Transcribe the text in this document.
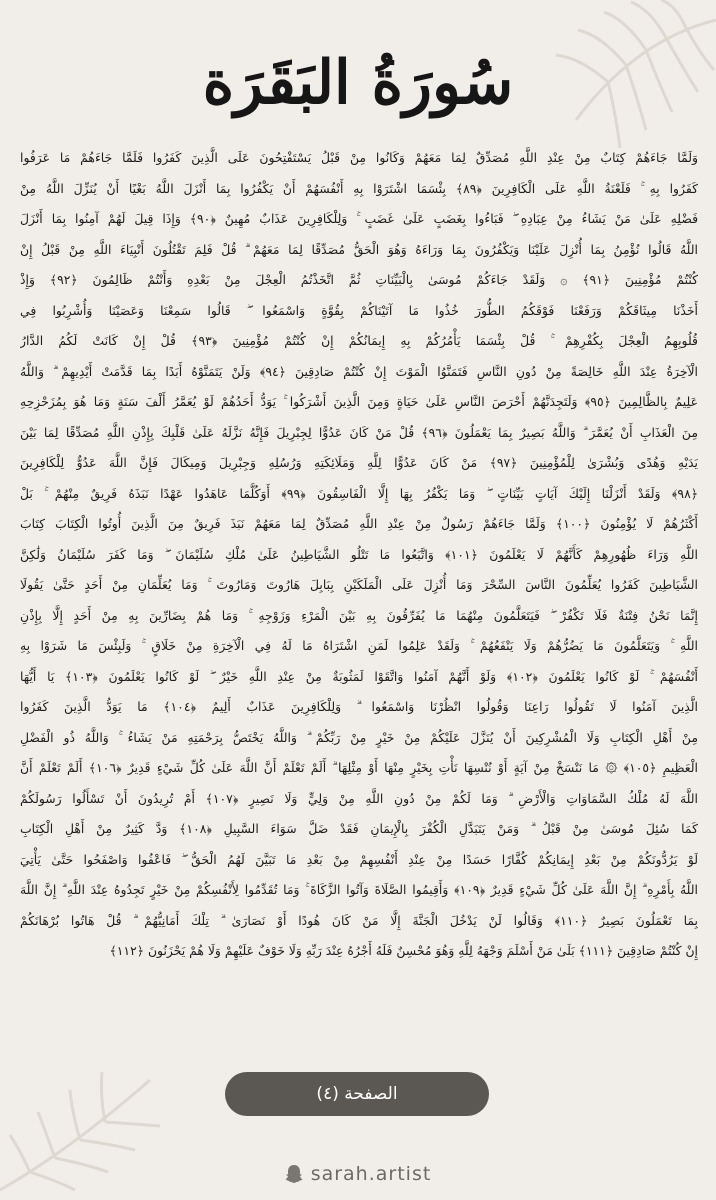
سُورَةُ البَقَرَة
وَلَمَّا جَاءَهُمْ كِتَابٌ مِنْ عِنْدِ اللَّهِ مُصَدِّقٌ لِمَا مَعَهُمْ وَكَانُوا مِنْ قَبْلُ يَسْتَفْتِحُونَ عَلَى الَّذِينَ كَفَرُوا فَلَمَّا جَاءَهُمْ مَا عَرَفُوا
كَفَرُوا بِهِ ۚ فَلَعْنَةُ اللَّهِ عَلَى الْكَافِرِينَ ﴿٨٩﴾ بِئْسَمَا اشْتَرَوْا بِهِ أَنْفُسَهُمْ أَنْ يَكْفُرُوا بِمَا أَنْزَلَ اللَّهُ بَغْيًا أَنْ يُنَزِّلَ اللَّهُ مِنْ
فَضْلِهِ عَلَىٰ مَنْ يَشَاءُ مِنْ عِبَادِهِ ۖ فَبَاءُوا بِغَضَبٍ عَلَىٰ غَضَبٍ ۚ وَلِلْكَافِرِينَ عَذَابٌ مُهِينٌ ﴿٩٠﴾ وَإِذَا قِيلَ لَهُمْ آمِنُوا بِمَا أَنْزَلَ
اللَّهُ قَالُوا نُؤْمِنُ بِمَا أُنْزِلَ عَلَيْنَا وَيَكْفُرُونَ بِمَا وَرَاءَهُ وَهُوَ الْحَقُّ مُصَدِّقًا لِمَا مَعَهُمْ ۗ قُلْ فَلِمَ تَقْتُلُونَ أَنْبِيَاءَ اللَّهِ مِنْ قَبْلُ إِنْ
كُنْتُمْ مُؤْمِنِينَ ﴿٩١﴾ ۞ وَلَقَدْ جَاءَكُمْ مُوسَىٰ بِالْبَيِّنَاتِ ثُمَّ اتَّخَذْتُمُ الْعِجْلَ مِنْ بَعْدِهِ وَأَنْتُمْ ظَالِمُونَ ﴿٩٢﴾ وَإِذْ
أَخَذْنَا مِيثَاقَكُمْ وَرَفَعْنَا فَوْقَكُمُ الطُّورَ خُذُوا مَا آتَيْنَاكُمْ بِقُوَّةٍ وَاسْمَعُوا ۖ قَالُوا سَمِعْنَا وَعَصَيْنَا وَأُشْرِبُوا فِي
قُلُوبِهِمُ الْعِجْلَ بِكُفْرِهِمْ ۚ قُلْ بِئْسَمَا يَأْمُرُكُمْ بِهِ إِيمَانُكُمْ إِنْ كُنْتُمْ مُؤْمِنِينَ ﴿٩٣﴾ قُلْ إِنْ كَانَتْ لَكُمُ الدَّارُ
الْآخِرَةُ عِنْدَ اللَّهِ خَالِصَةً مِنْ دُونِ النَّاسِ فَتَمَنَّوُا الْمَوْتَ إِنْ كُنْتُمْ صَادِقِينَ ﴿٩٤﴾ وَلَنْ يَتَمَنَّوْهُ أَبَدًا بِمَا قَدَّمَتْ أَيْدِيهِمْ ۗ وَاللَّهُ
عَلِيمٌ بِالظَّالِمِينَ ﴿٩٥﴾ وَلَتَجِدَنَّهُمْ أَحْرَصَ النَّاسِ عَلَىٰ حَيَاةٍ وَمِنَ الَّذِينَ أَشْرَكُوا ۚ يَوَدُّ أَحَدُهُمْ لَوْ يُعَمَّرُ أَلْفَ سَنَةٍ وَمَا هُوَ بِمُزَحْزِحِهِ
مِنَ الْعَذَابِ أَنْ يُعَمَّرَ ۗ وَاللَّهُ بَصِيرٌ بِمَا يَعْمَلُونَ ﴿٩٦﴾ قُلْ مَنْ كَانَ عَدُوًّا لِجِبْرِيلَ فَإِنَّهُ نَزَّلَهُ عَلَىٰ قَلْبِكَ بِإِذْنِ اللَّهِ مُصَدِّقًا لِمَا بَيْنَ
يَدَيْهِ وَهُدًى وَبُشْرَىٰ لِلْمُؤْمِنِينَ ﴿٩٧﴾ مَنْ كَانَ عَدُوًّا لِلَّهِ وَمَلَائِكَتِهِ وَرُسُلِهِ وَجِبْرِيلَ وَمِيكَالَ فَإِنَّ اللَّهَ عَدُوٌّ لِلْكَافِرِينَ
﴿٩٨﴾ وَلَقَدْ أَنْزَلْنَا إِلَيْكَ آيَاتٍ بَيِّنَاتٍ ۖ وَمَا يَكْفُرُ بِهَا إِلَّا الْفَاسِقُونَ ﴿٩٩﴾ أَوَكُلَّمَا عَاهَدُوا عَهْدًا نَبَذَهُ فَرِيقٌ مِنْهُمْ ۚ بَلْ
أَكْثَرُهُمْ لَا يُؤْمِنُونَ ﴿١٠٠﴾ وَلَمَّا جَاءَهُمْ رَسُولٌ مِنْ عِنْدِ اللَّهِ مُصَدِّقٌ لِمَا مَعَهُمْ نَبَذَ فَرِيقٌ مِنَ الَّذِينَ أُوتُوا الْكِتَابَ كِتَابَ
اللَّهِ وَرَاءَ ظُهُورِهِمْ كَأَنَّهُمْ لَا يَعْلَمُونَ ﴿١٠١﴾ وَاتَّبَعُوا مَا تَتْلُو الشَّيَاطِينُ عَلَىٰ مُلْكِ سُلَيْمَانَ ۖ وَمَا كَفَرَ سُلَيْمَانُ وَلَٰكِنَّ
الشَّيَاطِينَ كَفَرُوا يُعَلِّمُونَ النَّاسَ السِّحْرَ وَمَا أُنْزِلَ عَلَى الْمَلَكَيْنِ بِبَابِلَ هَارُوتَ وَمَارُوتَ ۚ وَمَا يُعَلِّمَانِ مِنْ أَحَدٍ حَتَّىٰ يَقُولَا
إِنَّمَا نَحْنُ فِتْنَةٌ فَلَا تَكْفُرْ ۖ فَيَتَعَلَّمُونَ مِنْهُمَا مَا يُفَرِّقُونَ بِهِ بَيْنَ الْمَرْءِ وَزَوْجِهِ ۚ وَمَا هُمْ بِضَارِّينَ بِهِ مِنْ أَحَدٍ إِلَّا بِإِذْنِ
اللَّهِ ۚ وَيَتَعَلَّمُونَ مَا يَضُرُّهُمْ وَلَا يَنْفَعُهُمْ ۚ وَلَقَدْ عَلِمُوا لَمَنِ اشْتَرَاهُ مَا لَهُ فِي الْآخِرَةِ مِنْ خَلَاقٍ ۚ وَلَبِئْسَ مَا شَرَوْا بِهِ
أَنْفُسَهُمْ ۚ لَوْ كَانُوا يَعْلَمُونَ ﴿١٠٢﴾ وَلَوْ أَنَّهُمْ آمَنُوا وَاتَّقَوْا لَمَثُوبَةٌ مِنْ عِنْدِ اللَّهِ خَيْرٌ ۖ لَوْ كَانُوا يَعْلَمُونَ ﴿١٠٣﴾ يَا أَيُّهَا
الَّذِينَ آمَنُوا لَا تَقُولُوا رَاعِنَا وَقُولُوا انْظُرْنَا وَاسْمَعُوا ۗ وَلِلْكَافِرِينَ عَذَابٌ أَلِيمٌ ﴿١٠٤﴾ مَا يَوَدُّ الَّذِينَ كَفَرُوا
مِنْ أَهْلِ الْكِتَابِ وَلَا الْمُشْرِكِينَ أَنْ يُنَزَّلَ عَلَيْكُمْ مِنْ خَيْرٍ مِنْ رَبِّكُمْ ۗ وَاللَّهُ يَخْتَصُّ بِرَحْمَتِهِ مَنْ يَشَاءُ ۚ وَاللَّهُ ذُو الْفَضْلِ
الْعَظِيمِ ﴿١٠٥﴾ ۞ مَا نَنْسَخْ مِنْ آيَةٍ أَوْ نُنْسِهَا نَأْتِ بِخَيْرٍ مِنْهَا أَوْ مِثْلِهَا ۗ أَلَمْ تَعْلَمْ أَنَّ اللَّهَ عَلَىٰ كُلِّ شَيْءٍ قَدِيرٌ ﴿١٠٦﴾ أَلَمْ تَعْلَمْ أَنَّ
اللَّهَ لَهُ مُلْكُ السَّمَاوَاتِ وَالْأَرْضِ ۗ وَمَا لَكُمْ مِنْ دُونِ اللَّهِ مِنْ وَلِيٍّ وَلَا نَصِيرٍ ﴿١٠٧﴾ أَمْ تُرِيدُونَ أَنْ تَسْأَلُوا رَسُولَكُمْ
كَمَا سُئِلَ مُوسَىٰ مِنْ قَبْلُ ۗ وَمَنْ يَتَبَدَّلِ الْكُفْرَ بِالْإِيمَانِ فَقَدْ ضَلَّ سَوَاءَ السَّبِيلِ ﴿١٠٨﴾ وَدَّ كَثِيرٌ مِنْ أَهْلِ الْكِتَابِ
لَوْ يَرُدُّونَكُمْ مِنْ بَعْدِ إِيمَانِكُمْ كُفَّارًا حَسَدًا مِنْ عِنْدِ أَنْفُسِهِمْ مِنْ بَعْدِ مَا تَبَيَّنَ لَهُمُ الْحَقُّ ۖ فَاعْفُوا وَاصْفَحُوا حَتَّىٰ يَأْتِيَ
اللَّهُ بِأَمْرِهِ ۗ إِنَّ اللَّهَ عَلَىٰ كُلِّ شَيْءٍ قَدِيرٌ ﴿١٠٩﴾ وَأَقِيمُوا الصَّلَاةَ وَآتُوا الزَّكَاةَ ۚ وَمَا تُقَدِّمُوا لِأَنْفُسِكُمْ مِنْ خَيْرٍ تَجِدُوهُ عِنْدَ اللَّهِ ۗ إِنَّ اللَّهَ
بِمَا تَعْمَلُونَ بَصِيرٌ ﴿١١٠﴾ وَقَالُوا لَنْ يَدْخُلَ الْجَنَّةَ إِلَّا مَنْ كَانَ هُودًا أَوْ نَصَارَىٰ ۗ تِلْكَ أَمَانِيُّهُمْ ۗ قُلْ هَاتُوا بُرْهَانَكُمْ
إِنْ كُنْتُمْ صَادِقِينَ ﴿١١١﴾ بَلَىٰ مَنْ أَسْلَمَ وَجْهَهُ لِلَّهِ وَهُوَ مُحْسِنٌ فَلَهُ أَجْرُهُ عِنْدَ رَبِّهِ وَلَا خَوْفٌ عَلَيْهِمْ وَلَا هُمْ يَحْزَنُونَ ﴿١١٢﴾
الصفحة (٤)
sarah.artist
